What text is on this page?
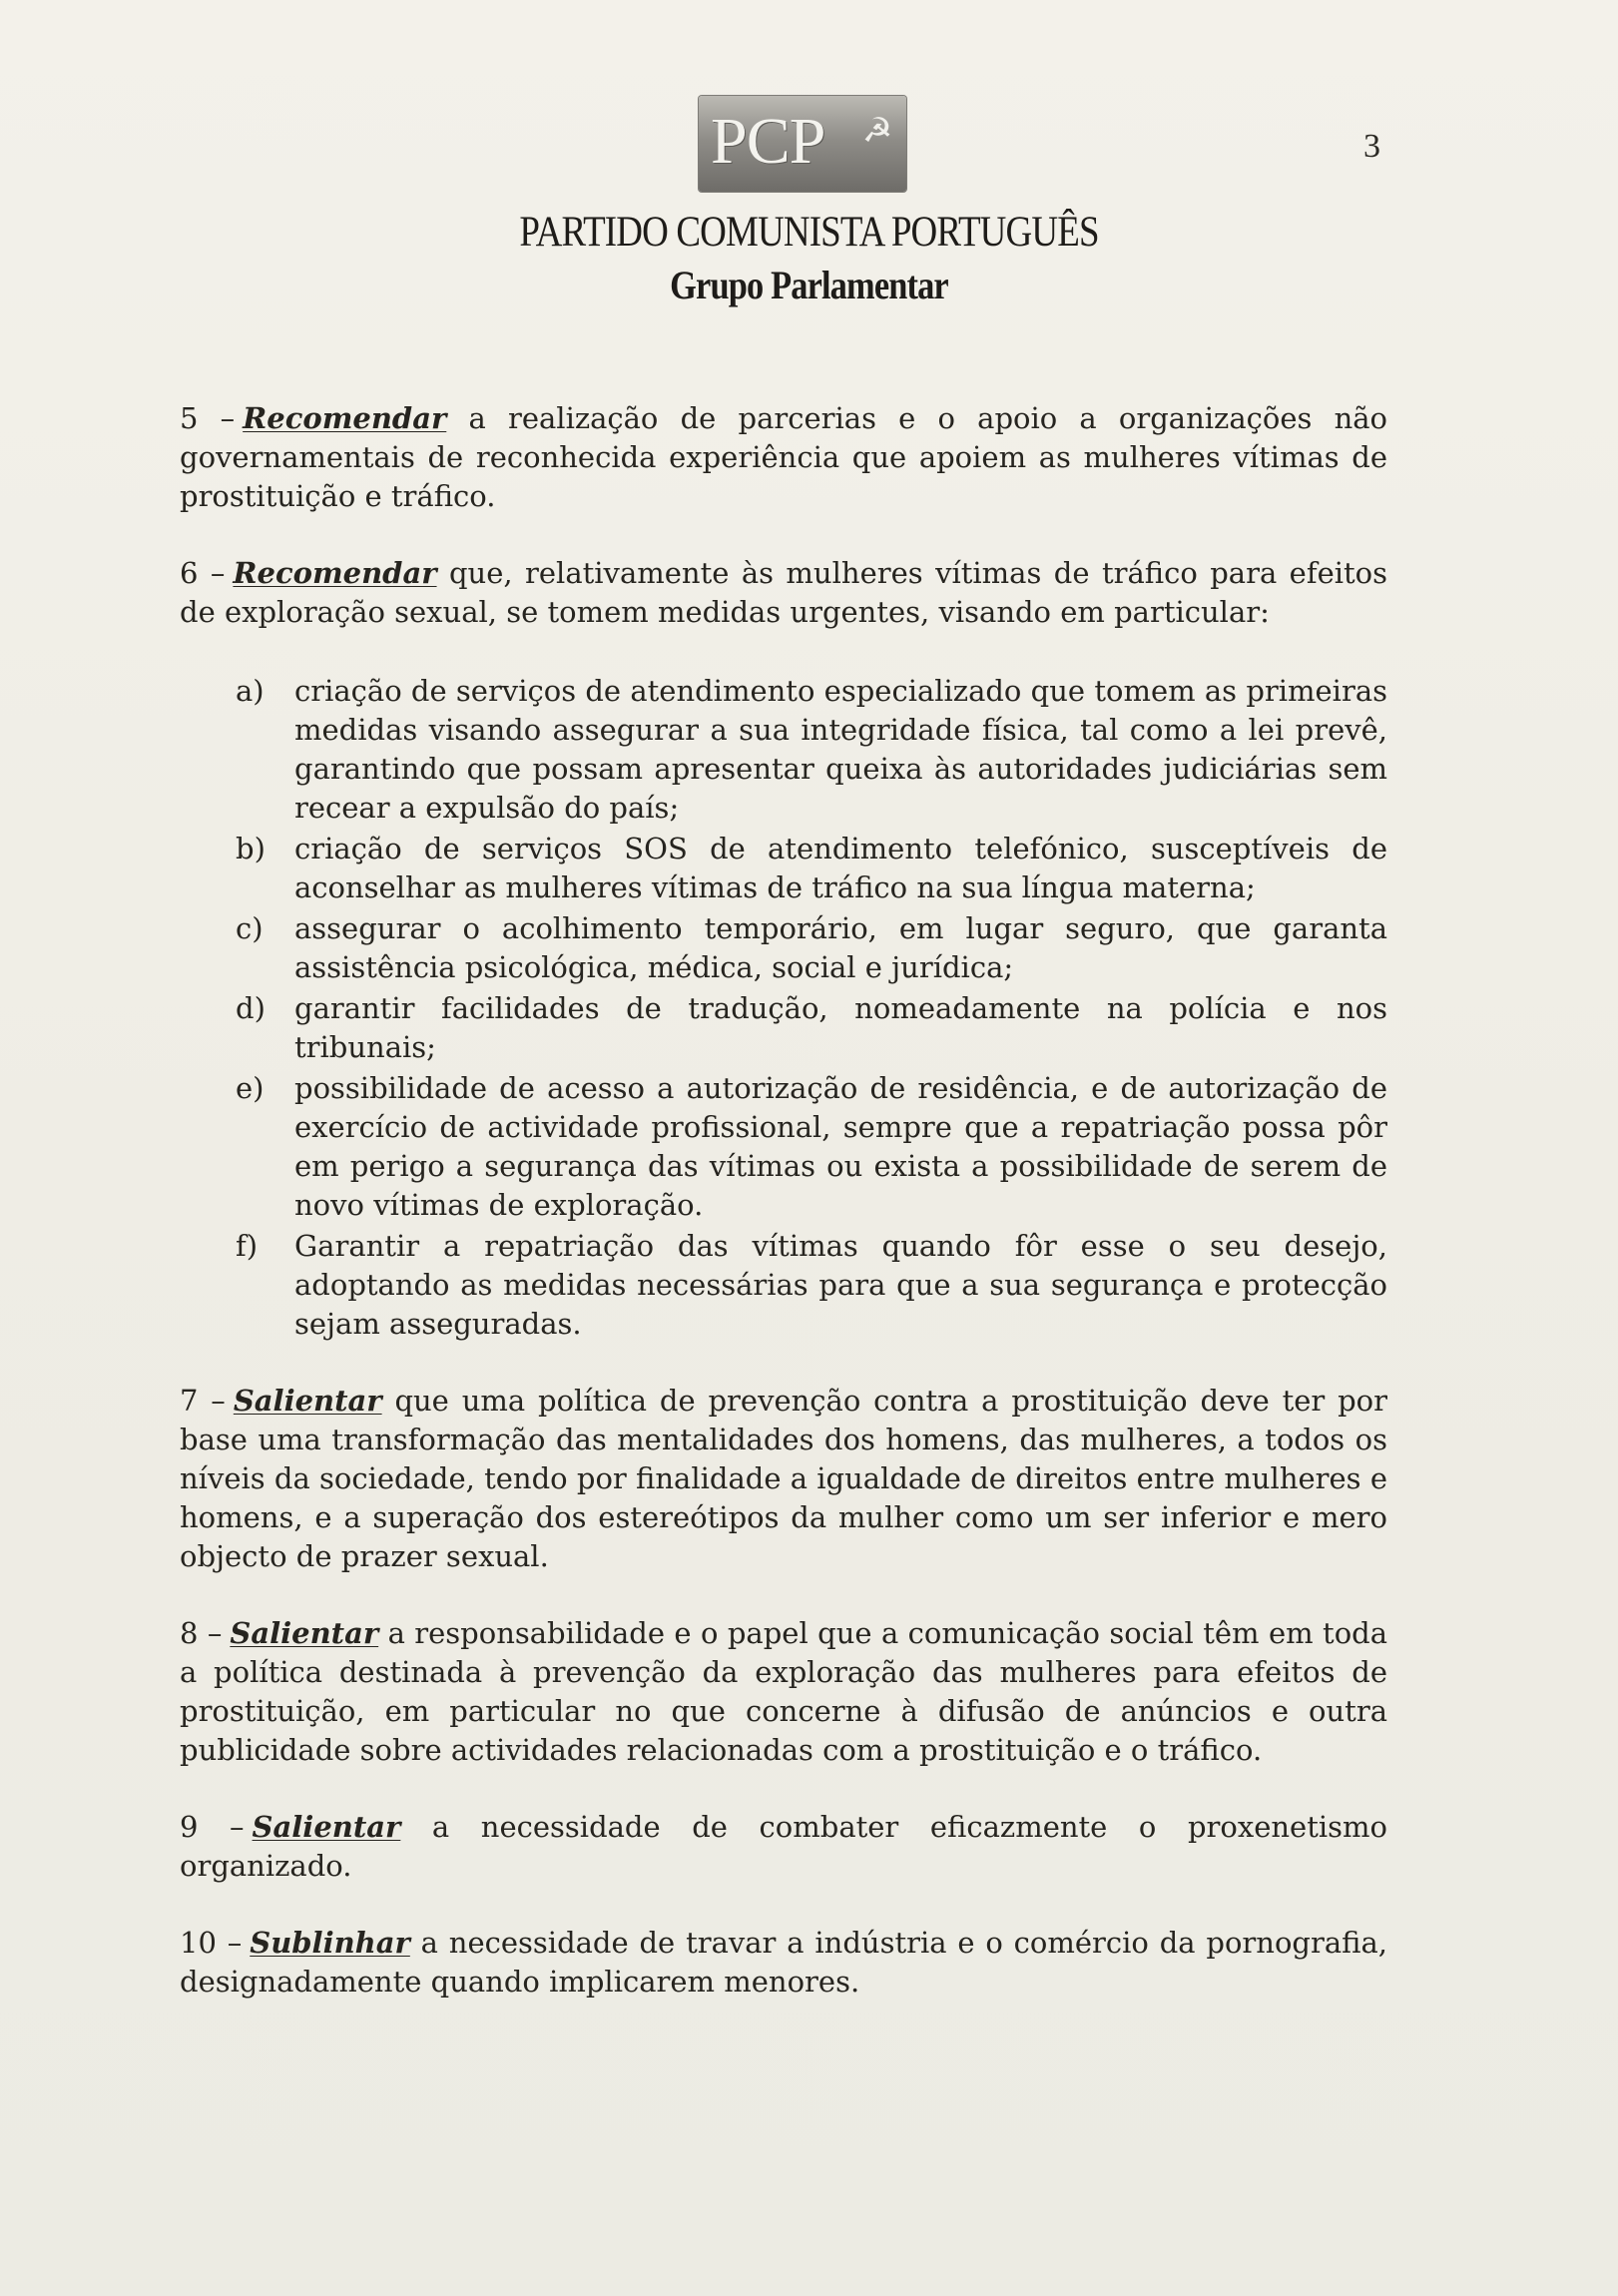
3
PCP ☭
PARTIDO COMUNISTA PORTUGUÊS
Grupo Parlamentar

5 – Recomendar a realização de parcerias e o apoio a organizações não governamentais de reconhecida experiência que apoiem as mulheres vítimas de prostituição e tráfico.

6 – Recomendar que, relativamente às mulheres vítimas de tráfico para efeitos de exploração sexual, se tomem medidas urgentes, visando em particular:

a) criação de serviços de atendimento especializado que tomem as primeiras medidas visando assegurar a sua integridade física, tal como a lei prevê, garantindo que possam apresentar queixa às autoridades judiciárias sem recear a expulsão do país;
b) criação de serviços SOS de atendimento telefónico, susceptíveis de aconselhar as mulheres vítimas de tráfico na sua língua materna;
c) assegurar o acolhimento temporário, em lugar seguro, que garanta assistência psicológica, médica, social e jurídica;
d) garantir facilidades de tradução, nomeadamente na polícia e nos tribunais;
e) possibilidade de acesso a autorização de residência, e de autorização de exercício de actividade profissional, sempre que a repatriação possa pôr em perigo a segurança das vítimas ou exista a possibilidade de serem de novo vítimas de exploração.
f) Garantir a repatriação das vítimas quando fôr esse o seu desejo, adoptando as medidas necessárias para que a sua segurança e protecção sejam asseguradas.

7 – Salientar que uma política de prevenção contra a prostituição deve ter por base uma transformação das mentalidades dos homens, das mulheres, a todos os níveis da sociedade, tendo por finalidade a igualdade de direitos entre mulheres e homens, e a superação dos estereótipos da mulher como um ser inferior e mero objecto de prazer sexual.

8 – Salientar a responsabilidade e o papel que a comunicação social têm em toda a política destinada à prevenção da exploração das mulheres para efeitos de prostituição, em particular no que concerne à difusão de anúncios e outra publicidade sobre actividades relacionadas com a prostituição e o tráfico.

9 – Salientar a necessidade de combater eficazmente o proxenetismo organizado.

10 – Sublinhar a necessidade de travar a indústria e o comércio da pornografia, designadamente quando implicarem menores.
